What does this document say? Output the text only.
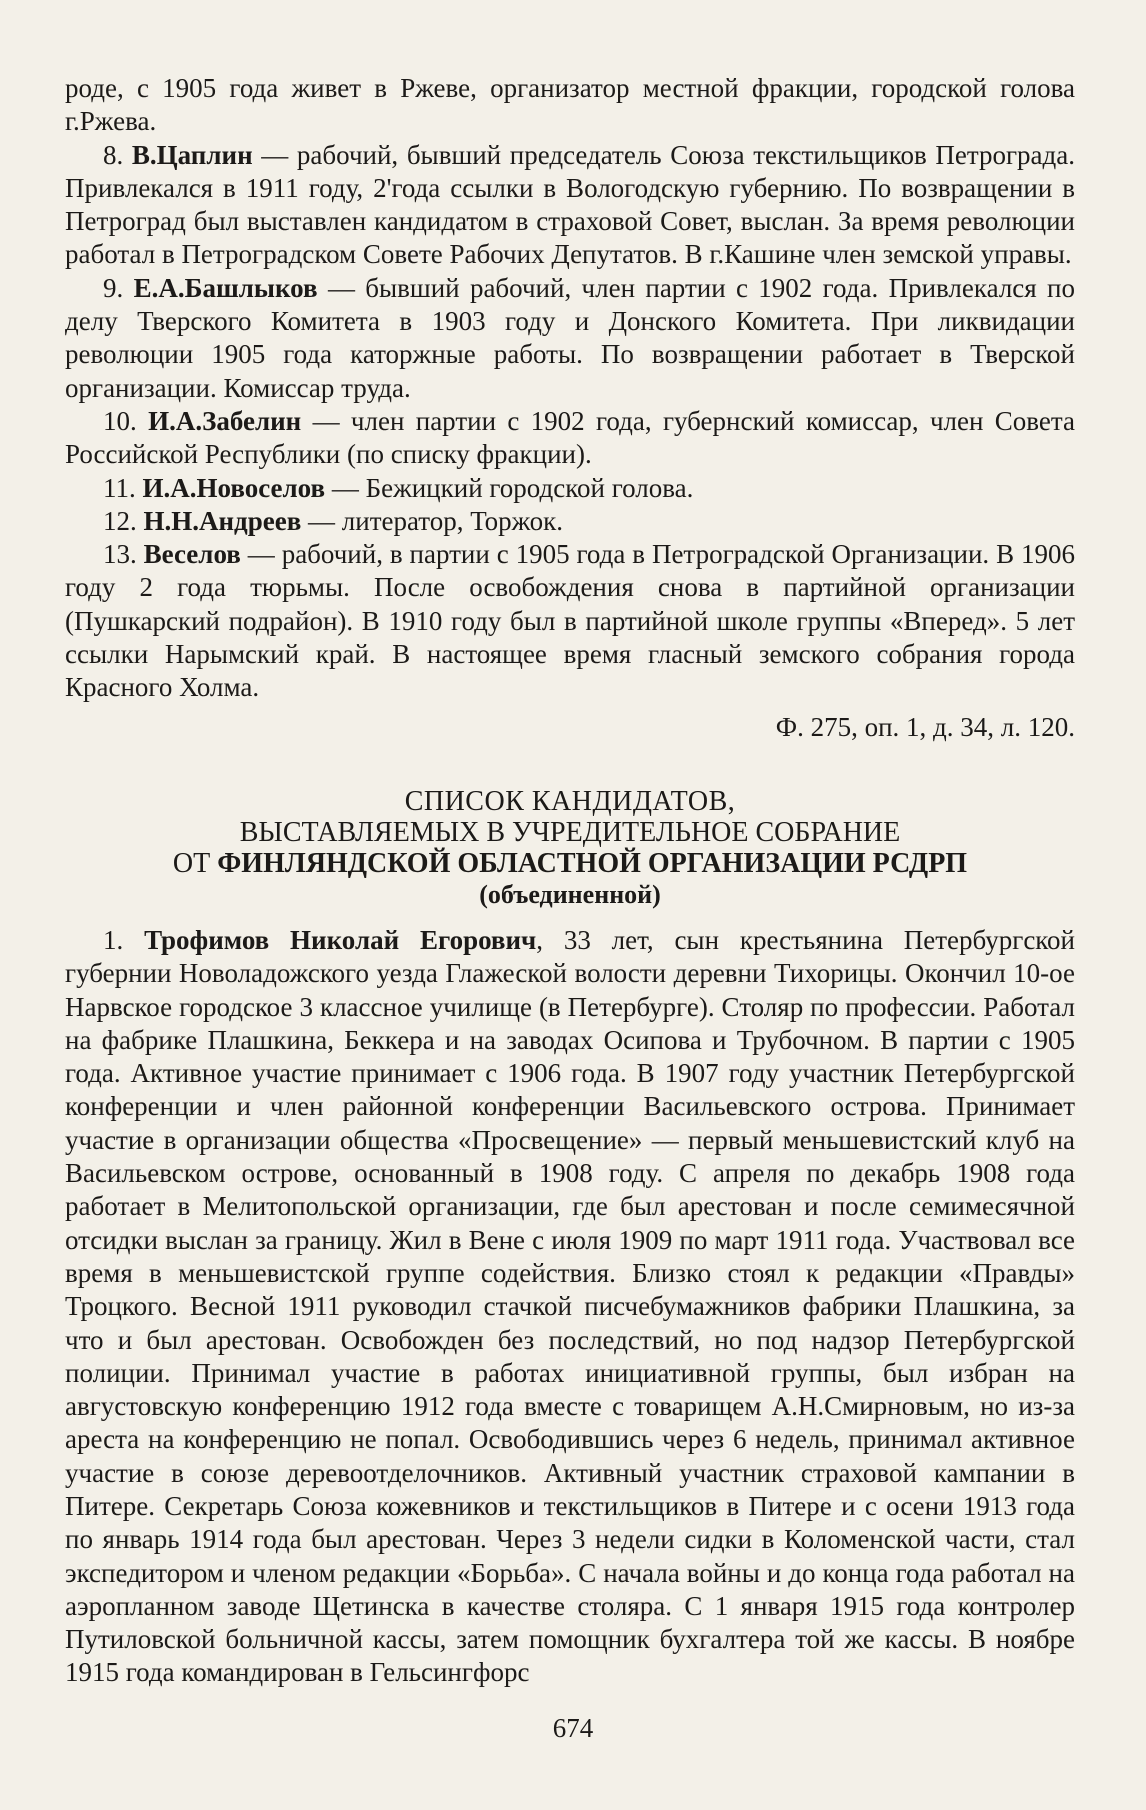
роде, с 1905 года живет в Ржеве, организатор местной фракции, городской голова г.Ржева.

8. В.Цаплин — рабочий, бывший председатель Союза текстильщиков Петрограда. Привлекался в 1911 году, 2'года ссылки в Вологодскую губернию. По возвращении в Петроград был выставлен кандидатом в страховой Совет, выслан. За время революции работал в Петроградском Совете Рабочих Депутатов. В г.Кашине член земской управы.

9. Е.А.Башлыков — бывший рабочий, член партии с 1902 года. Привлекался по делу Тверского Комитета в 1903 году и Донского Комитета. При ликвидации революции 1905 года каторжные работы. По возвращении работает в Тверской организации. Комиссар труда.

10. И.А.Забелин — член партии с 1902 года, губернский комиссар, член Совета Российской Республики (по списку фракции).

11. И.А.Новоселов — Бежицкий городской голова.

12. Н.Н.Андреев — литератор, Торжок.

13. Веселов — рабочий, в партии с 1905 года в Петроградской Организации. В 1906 году 2 года тюрьмы. После освобождения снова в партийной организации (Пушкарский подрайон). В 1910 году был в партийной школе группы «Вперед». 5 лет ссылки Нарымский край. В настоящее время гласный земского собрания города Красного Холма.

Ф. 275, оп. 1, д. 34, л. 120.

СПИСОК КАНДИДАТОВ,
ВЫСТАВЛЯЕМЫХ В УЧРЕДИТЕЛЬНОЕ СОБРАНИЕ
ОТ ФИНЛЯНДСКОЙ ОБЛАСТНОЙ ОРГАНИЗАЦИИ РСДРП
(объединенной)

1. Трофимов Николай Егорович, 33 лет, сын крестьянина Петербургской губернии Новоладожского уезда Глажеской волости деревни Тихорицы. Окончил 10-ое Нарвское городское 3 классное училище (в Петербурге). Столяр по профессии. Работал на фабрике Плашкина, Беккера и на заводах Осипова и Трубочном. В партии с 1905 года. Активное участие принимает с 1906 года. В 1907 году участник Петербургской конференции и член районной конференции Васильевского острова. Принимает участие в организации общества «Просвещение» — первый меньшевистский клуб на Васильевском острове, основанный в 1908 году. С апреля по декабрь 1908 года работает в Мелитопольской организации, где был арестован и после семимесячной отсидки выслан за границу. Жил в Вене с июля 1909 по март 1911 года. Участвовал все время в меньшевистской группе содействия. Близко стоял к редакции «Правды» Троцкого. Весной 1911 руководил стачкой писчебумажников фабрики Плашкина, за что и был арестован. Освобожден без последствий, но под надзор Петербургской полиции. Принимал участие в работах инициативной группы, был избран на августовскую конференцию 1912 года вместе с товарищем А.Н.Смирновым, но из-за ареста на конференцию не попал. Освободившись через 6 недель, принимал активное участие в союзе деревоотделочников. Активный участник страховой кампании в Питере. Секретарь Союза кожевников и текстильщиков в Питере и с осени 1913 года по январь 1914 года был арестован. Через 3 недели сидки в Коломенской части, стал экспедитором и членом редакции «Борьба». С начала войны и до конца года работал на аэропланном заводе Щетинска в качестве столяра. С 1 января 1915 года контролер Путиловской больничной кассы, затем помощник бухгалтера той же кассы. В ноябре 1915 года командирован в Гельсингфорс

674
